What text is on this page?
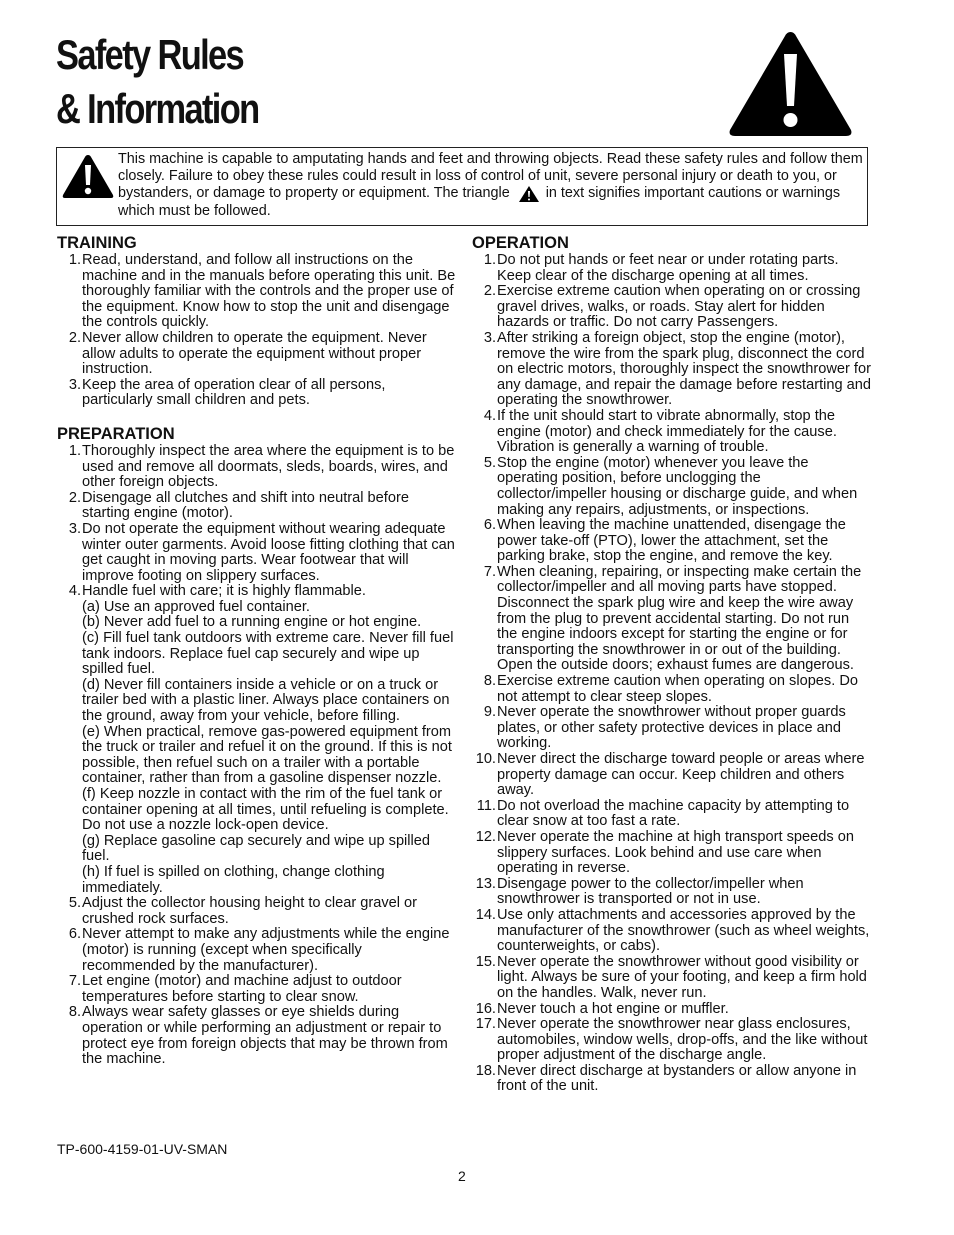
Safety Rules
& Information

This machine is capable to amputating hands and feet and throwing objects. Read these safety rules and follow them closely. Failure to obey these rules could result in loss of control of unit, severe personal injury or death to you, or bystanders, or damage to property or equipment. The triangle	in text signifies important cautions or warnings which must be followed.

TRAINING
1. Read, understand, and follow all instructions on the machine and in the manuals before operating this unit. Be thoroughly familiar with the controls and the proper use of the equipment. Know how to stop the unit and disengage the controls quickly.
2. Never allow children to operate the equipment. Never allow adults to operate the equipment without proper instruction.
3. Keep the area of operation clear of all persons, particularly small children and pets.
PREPARATION
1. Thoroughly inspect the area where the equipment is to be used and remove all doormats, sleds, boards, wires, and other foreign objects.
2. Disengage all clutches and shift into neutral before starting engine (motor).
3. Do not operate the equipment without wearing adequate winter outer garments. Avoid loose fitting clothing that can get caught in moving parts. Wear footwear that will improve footing on slippery surfaces.
4. Handle fuel with care; it is highly flammable.
(a) Use an approved fuel container.
(b) Never add fuel to a running engine or hot engine.
(c) Fill fuel tank outdoors with extreme care. Never fill fuel tank indoors. Replace fuel cap securely and wipe up spilled fuel.
(d) Never fill containers inside a vehicle or on a truck or trailer bed with a plastic liner. Always place containers on the ground, away from your vehicle, before filling.
(e) When practical, remove gas-powered equipment from the truck or trailer and refuel it on the ground. If this is not possible, then refuel such on a trailer with a portable container, rather than from a gasoline dispenser nozzle.
(f) Keep nozzle in contact with the rim of the fuel tank or container opening at all times, until refueling is complete. Do not use a nozzle lock-open device.
(g) Replace gasoline cap securely and wipe up spilled fuel.
(h) If fuel is spilled on clothing, change clothing immediately.
5. Adjust the collector housing height to clear gravel or crushed rock surfaces.
6. Never attempt to make any adjustments while the engine (motor) is running (except when specifically recommended by the manufacturer).
7. Let engine (motor) and machine adjust to outdoor temperatures before starting to clear snow.
8. Always wear safety glasses or eye shields during operation or while performing an adjustment or repair to protect eye from foreign objects that may be thrown from the machine.
OPERATION
1. Do not put hands or feet near or under rotating parts. Keep clear of the discharge opening at all times.
2. Exercise extreme caution when operating on or crossing gravel drives, walks, or roads. Stay alert for hidden hazards or traffic. Do not carry Passengers.
3. After striking a foreign object, stop the engine (motor), remove the wire from the spark plug, disconnect the cord on electric motors, thoroughly inspect the snowthrower for any damage, and repair the damage before restarting and operating the snowthrower.
4. If the unit should start to vibrate abnormally, stop the engine (motor) and check immediately for the cause. Vibration is generally a warning of trouble.
5. Stop the engine (motor) whenever you leave the operating position, before unclogging the collector/impeller housing or discharge guide, and when making any repairs, adjustments, or inspections.
6. When leaving the machine unattended, disengage the power take-off (PTO), lower the attachment, set the parking brake, stop the engine, and remove the key.
7. When cleaning, repairing, or inspecting make certain the collector/impeller and all moving parts have stopped. Disconnect the spark plug wire and keep the wire away from the plug to prevent accidental starting. Do not run the engine indoors except for starting the engine or for transporting the snowthrower in or out of the building. Open the outside doors; exhaust fumes are dangerous.
8. Exercise extreme caution when operating on slopes. Do not attempt to clear steep slopes.
9. Never operate the snowthrower without proper guards plates, or other safety protective devices in place and working.
10. Never direct the discharge toward people or areas where property damage can occur. Keep children and others away.
11. Do not overload the machine capacity by attempting to clear snow at too fast a rate.
12. Never operate the machine at high transport speeds on slippery surfaces. Look behind and use care when operating in reverse.
13. Disengage power to the collector/impeller when snowthrower is transported or not in use.
14. Use only attachments and accessories approved by the manufacturer of the snowthrower (such as wheel weights, counterweights, or cabs).
15. Never operate the snowthrower without good visibility or light. Always be sure of your footing, and keep a firm hold on the handles. Walk, never run.
16. Never touch a hot engine or muffler.
17. Never operate the snowthrower near glass enclosures, automobiles, window wells, drop-offs, and the like without proper adjustment of the discharge angle.
18. Never direct discharge at bystanders or allow anyone in front of the unit.

TP-600-4159-01-UV-SMAN

2
